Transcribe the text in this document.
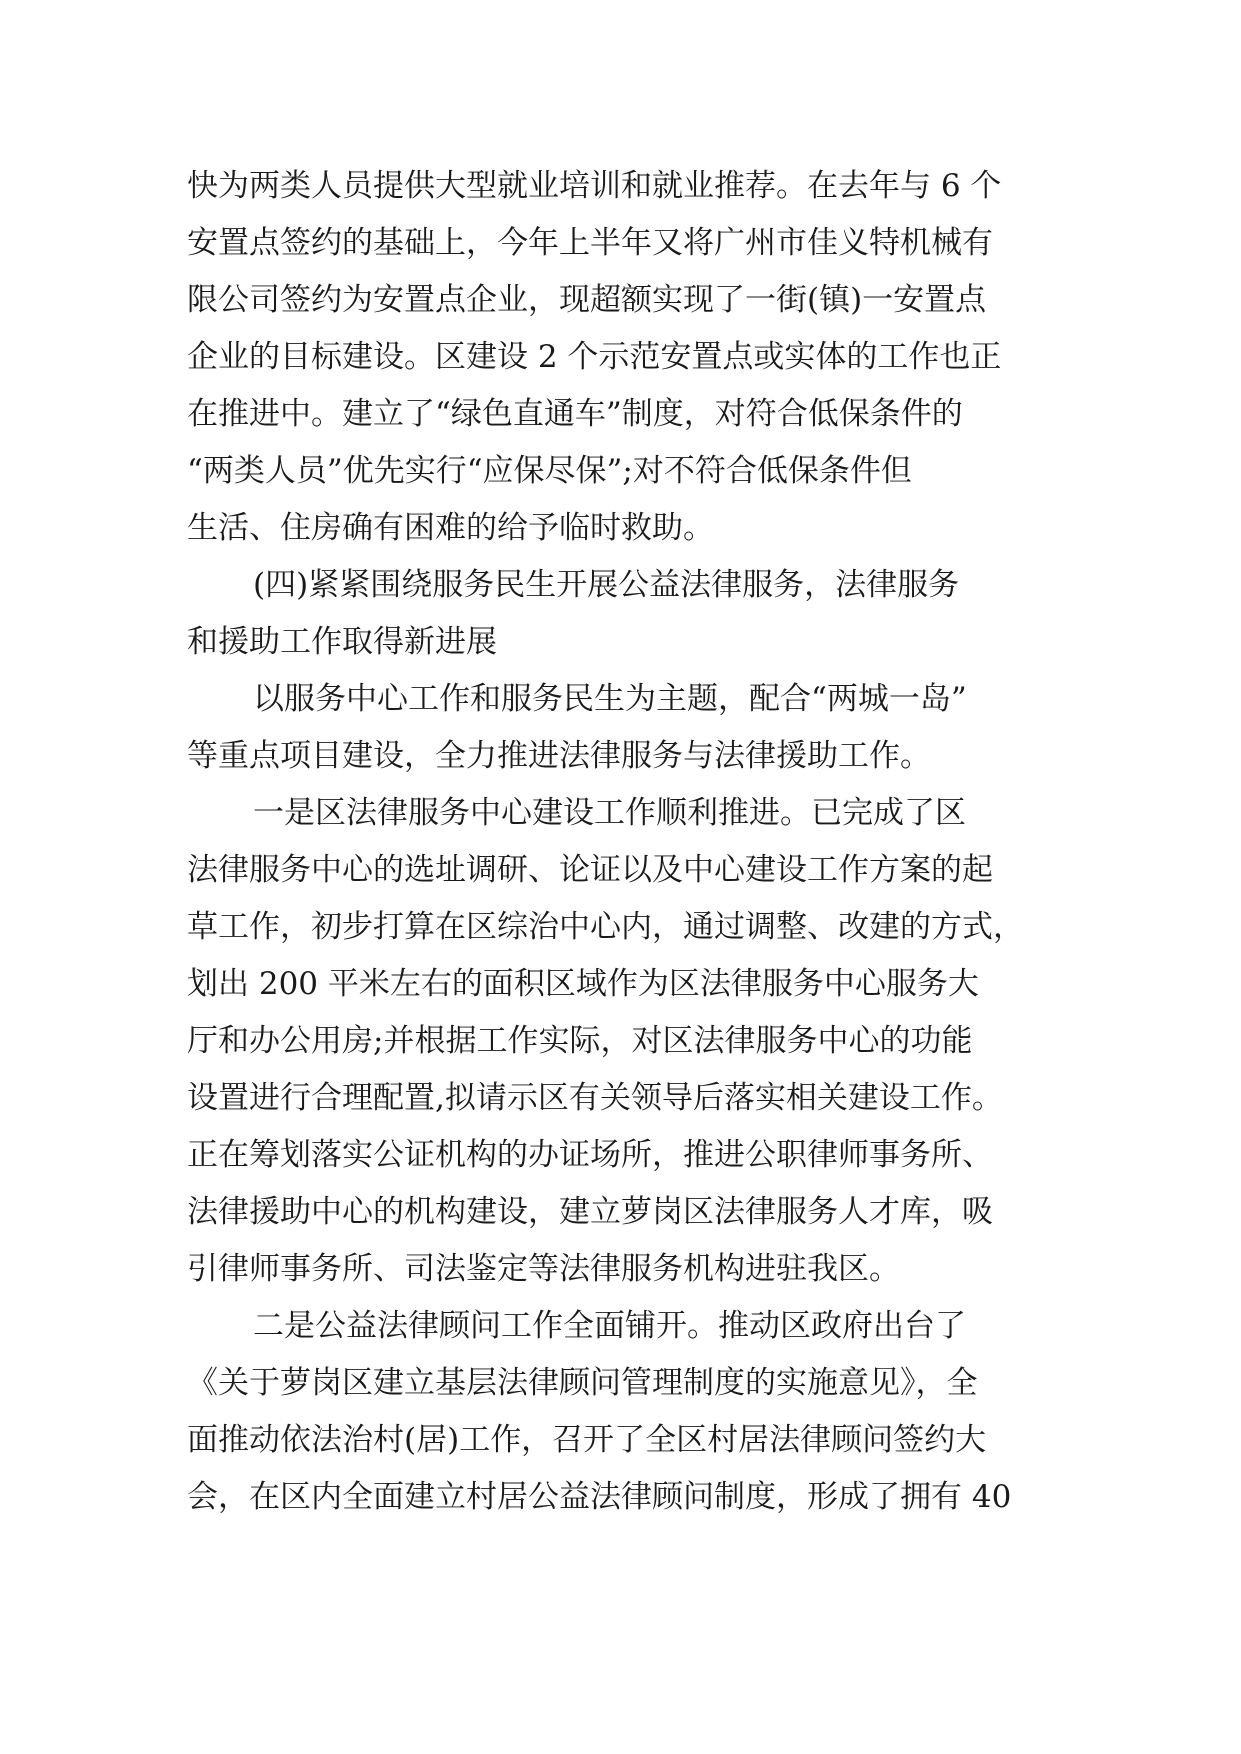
快为两类人员提供大型就业培训和就业推荐。在去年与 6 个
安置点签约的基础上，今年上半年又将广州市佳义特机械有
限公司签约为安置点企业，现超额实现了一街(镇)一安置点
企业的目标建设。区建设 2 个示范安置点或实体的工作也正
在推进中。建立了“绿色直通车”制度，对符合低保条件的
“两类人员”优先实行“应保尽保”;对不符合低保条件但
生活、住房确有困难的给予临时救助。
(四)紧紧围绕服务民生开展公益法律服务，法律服务
和援助工作取得新进展
以服务中心工作和服务民生为主题，配合“两城一岛”
等重点项目建设，全力推进法律服务与法律援助工作。
一是区法律服务中心建设工作顺利推进。已完成了区
法律服务中心的选址调研、论证以及中心建设工作方案的起
草工作，初步打算在区综治中心内，通过调整、改建的方式，
划出 200 平米左右的面积区域作为区法律服务中心服务大
厅和办公用房;并根据工作实际，对区法律服务中心的功能
设置进行合理配置,拟请示区有关领导后落实相关建设工作。
正在筹划落实公证机构的办证场所，推进公职律师事务所、
法律援助中心的机构建设，建立萝岗区法律服务人才库，吸
引律师事务所、司法鉴定等法律服务机构进驻我区。
二是公益法律顾问工作全面铺开。推动区政府出台了
《关于萝岗区建立基层法律顾问管理制度的实施意见》，全
面推动依法治村(居)工作，召开了全区村居法律顾问签约大
会，在区内全面建立村居公益法律顾问制度，形成了拥有 40
